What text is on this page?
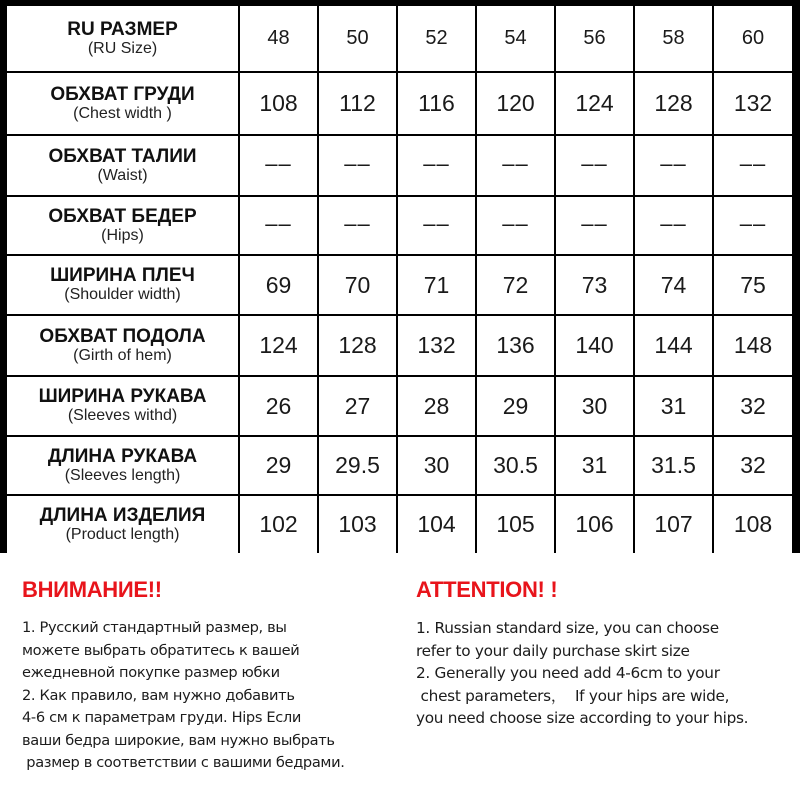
RU РАЗМЕР
(RU Size)	48	50	52	54	56	58	60

ОБХВАТ ГРУДИ
(Chest width )	108	112	116	120	124	128	132

ОБХВАТ ТАЛИИ
(Waist)	––	––	––	––	––	––	––

ОБХВАТ БЕДЕР
(Hips)	––	––	––	––	––	––	––

ШИРИНА ПЛЕЧ
(Shoulder width)	69	70	71	72	73	74	75

ОБХВАТ ПОДОЛА
(Girth of hem)	124	128	132	136	140	144	148

ШИРИНА РУКАВА
(Sleeves withd)	26	27	28	29	30	31	32

ДЛИНА РУКАВА
(Sleeves length)	29	29.5	30	30.5	31	31.5	32

ДЛИНА ИЗДЕЛИЯ
(Product length)	102	103	104	105	106	107	108
ВНИМАНИЕ!!
1. Русский стандартный размер, вы
можете выбрать обратитесь к вашей
ежедневной покупке размер юбки
2. Как правило, вам нужно добавить
4-6 см к параметрам груди. Hips Если
ваши бедра широкие, вам нужно выбрать
размер в соответствии с вашими бедрами.
ATTENTION! !
1. Russian standard size, you can choose
refer to your daily purchase skirt size
2. Generally you need add 4-6cm to your
chest parameters，  If your hips are wide,
you need choose size according to your hips.
